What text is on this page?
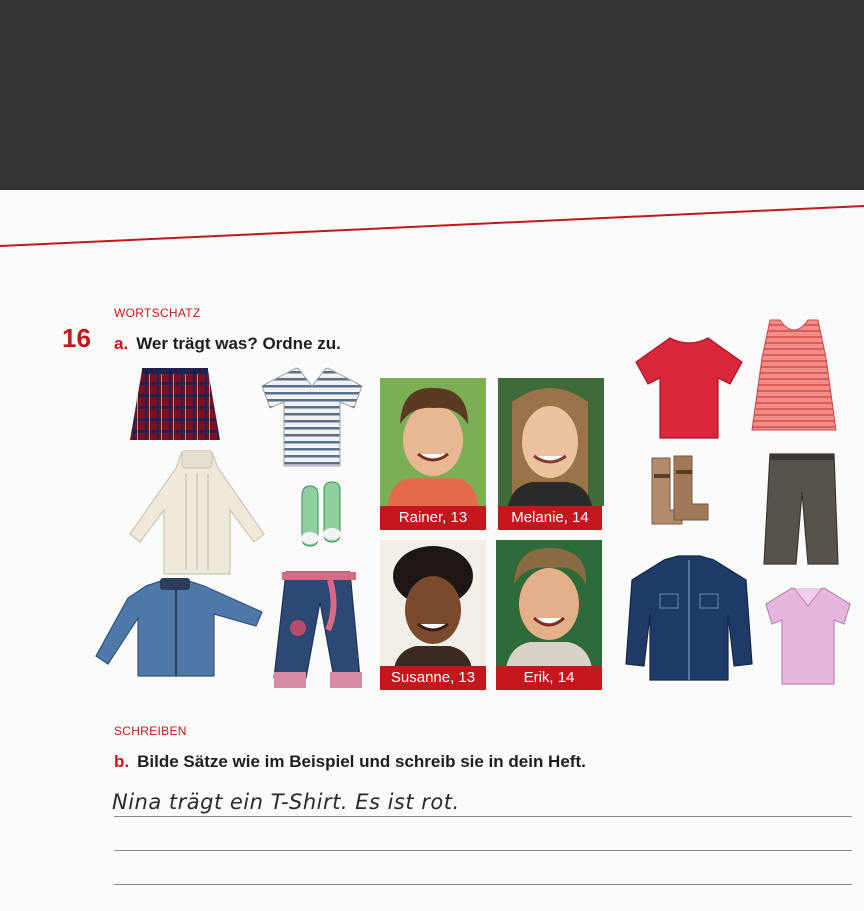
WORTSCHATZ
16 a. Wer trägt was? Ordne zu.
Rainer, 13	Melanie, 14
Susanne, 13	Erik, 14
SCHREIBEN
b. Bilde Sätze wie im Beispiel und schreib sie in dein Heft.
Nina trägt ein T-Shirt. Es ist rot.
